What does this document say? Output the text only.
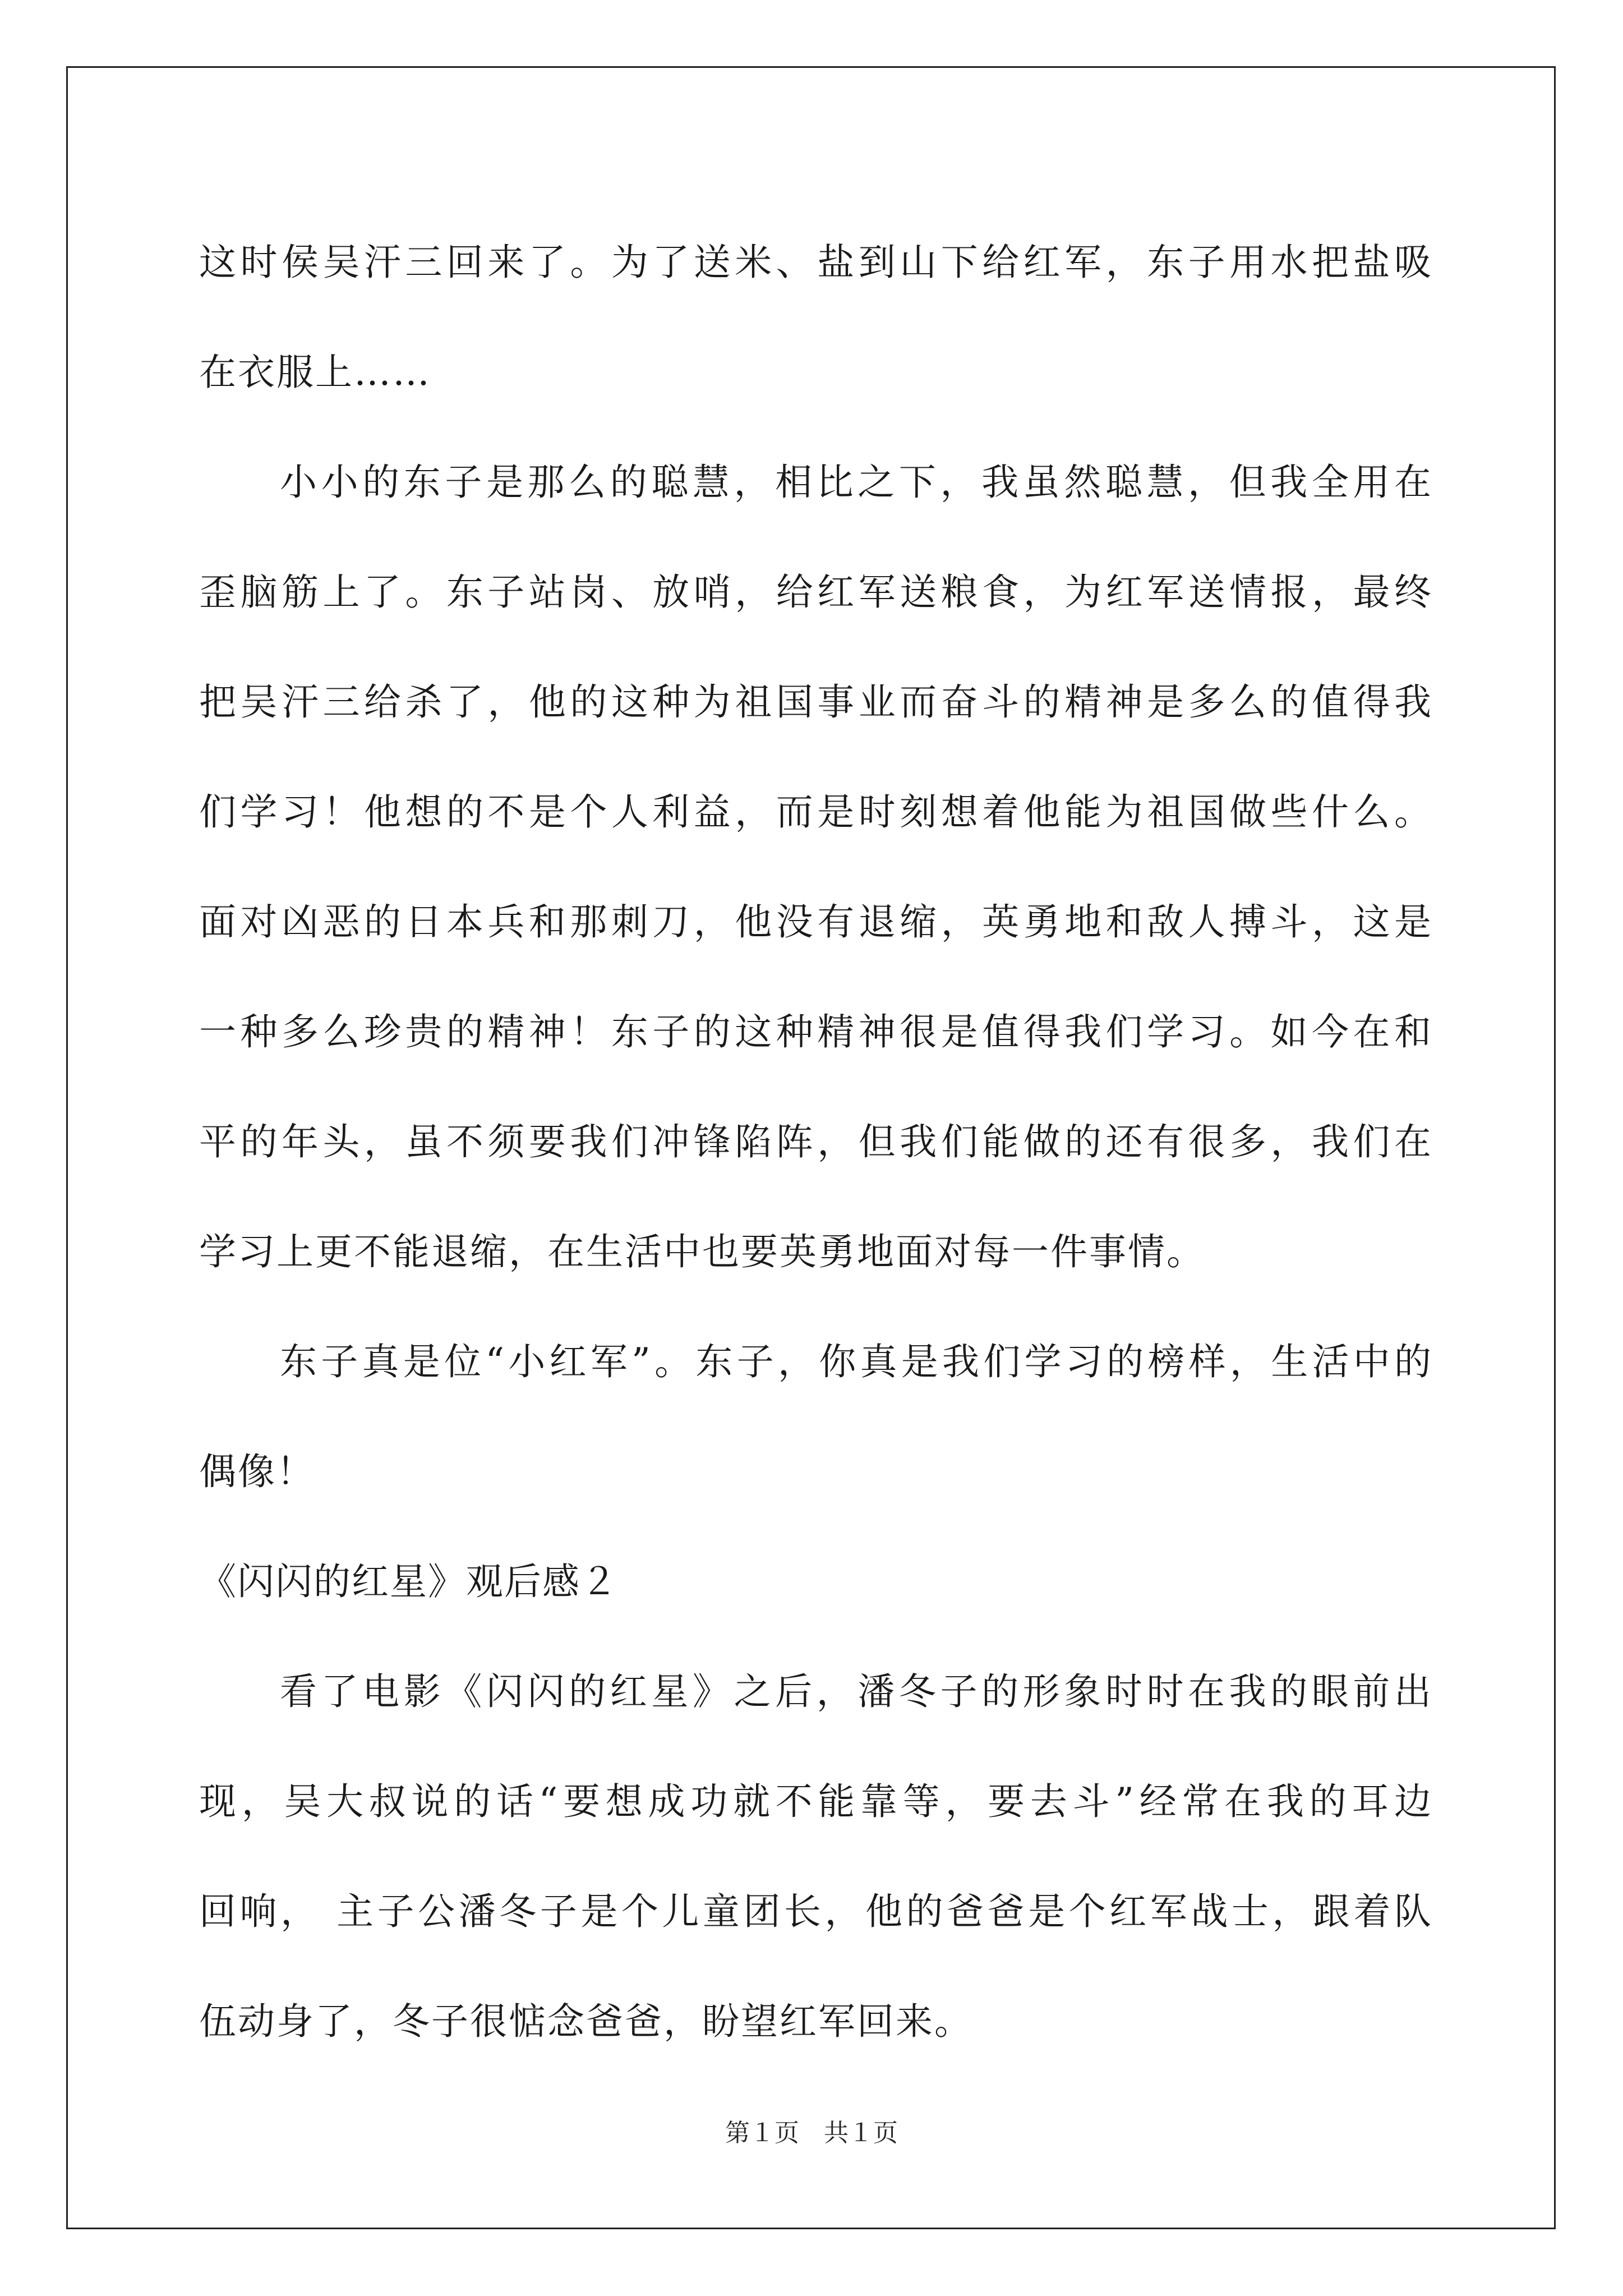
这时侯吴汗三回来了。为了送米、盐到山下给红军，东子用水把盐吸
在衣服上……
小小的东子是那么的聪慧，相比之下，我虽然聪慧，但我全用在
歪脑筋上了。东子站岗、放哨，给红军送粮食，为红军送情报，最终
把吴汗三给杀了，他的这种为祖国事业而奋斗的精神是多么的值得我
们学习！他想的不是个人利益，而是时刻想着他能为祖国做些什么。
面对凶恶的日本兵和那刺刀，他没有退缩，英勇地和敌人搏斗，这是
一种多么珍贵的精神！东子的这种精神很是值得我们学习。如今在和
平的年头，虽不须要我们冲锋陷阵，但我们能做的还有很多，我们在
学习上更不能退缩，在生活中也要英勇地面对每一件事情。
东子真是位“小红军”。东子，你真是我们学习的榜样，生活中的
偶像！
《闪闪的红星》观后感２
看了电影《闪闪的红星》之后，潘冬子的形象时时在我的眼前出
现，吴大叔说的话“要想成功就不能靠等，要去斗”经常在我的耳边
回响， 主子公潘冬子是个儿童团长，他的爸爸是个红军战士，跟着队
伍动身了，冬子很惦念爸爸，盼望红军回来。
第１页　共１页
